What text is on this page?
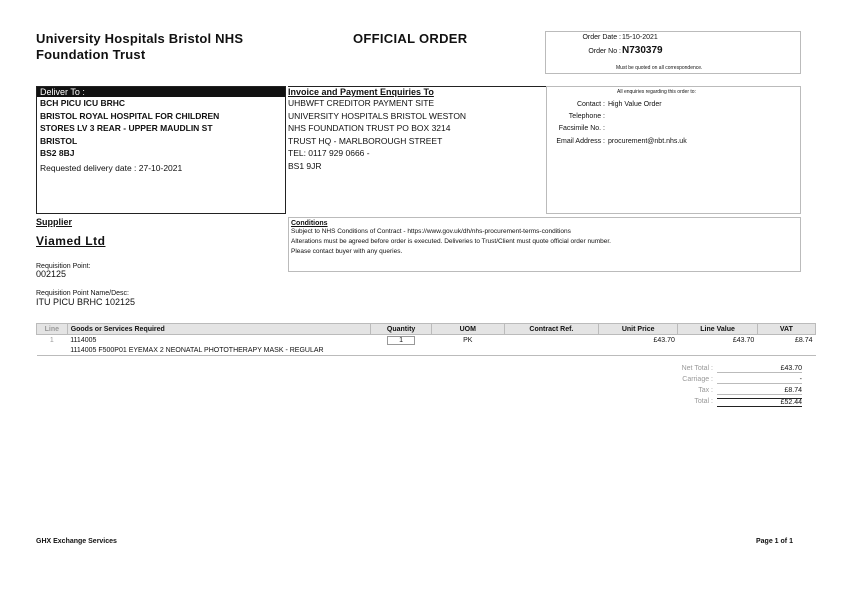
University Hospitals Bristol NHS
Foundation Trust
OFFICIAL ORDER	Order Date : 15-10-2021
Order No : N730379
Must be quoted on all correspondence.
Deliver To :
BCH PICU ICU BRHC
BRISTOL ROYAL HOSPITAL FOR CHILDREN
STORES LV 3 REAR - UPPER MAUDLIN ST
BRISTOL
BS2 8BJ
Requested delivery date : 27-10-2021
Invoice and Payment Enquiries To
UHBWFT CREDITOR PAYMENT SITE
UNIVERSITY HOSPITALS BRISTOL WESTON
NHS FOUNDATION TRUST PO BOX 3214
TRUST HQ - MARLBOROUGH STREET
TEL: 0117 929 0666 -
BS1 9JR
All enquiries regarding this order to:
Contact : High Value Order
Telephone :
Facsimile No. :
Email Address : procurement@nbt.nhs.uk
Supplier
Viamed Ltd
Requisition Point:
002125
Requisition Point Name/Desc:
ITU PICU BRHC 102125
Conditions
Subject to NHS Conditions of Contract - https://www.gov.uk/dh/nhs-procurement-terms-conditions
Alterations must be agreed before order is executed. Deliveries to Trust/Client must quote official order number.
Please contact buyer with any queries.
Line	Goods or Services Required	Quantity	UOM	Contract Ref.	Unit Price	Line Value	VAT
1	1114005	1	PK		£43.70	£43.70	£8.74
	1114005 F500P01 EYEMAX 2 NEONATAL PHOTOTHERAPY MASK - REGULAR						
Net Total :	£43.70
Carriage :	-
Tax :	£8.74
Total :	£52.44
GHX Exchange Services	Page 1 of 1
